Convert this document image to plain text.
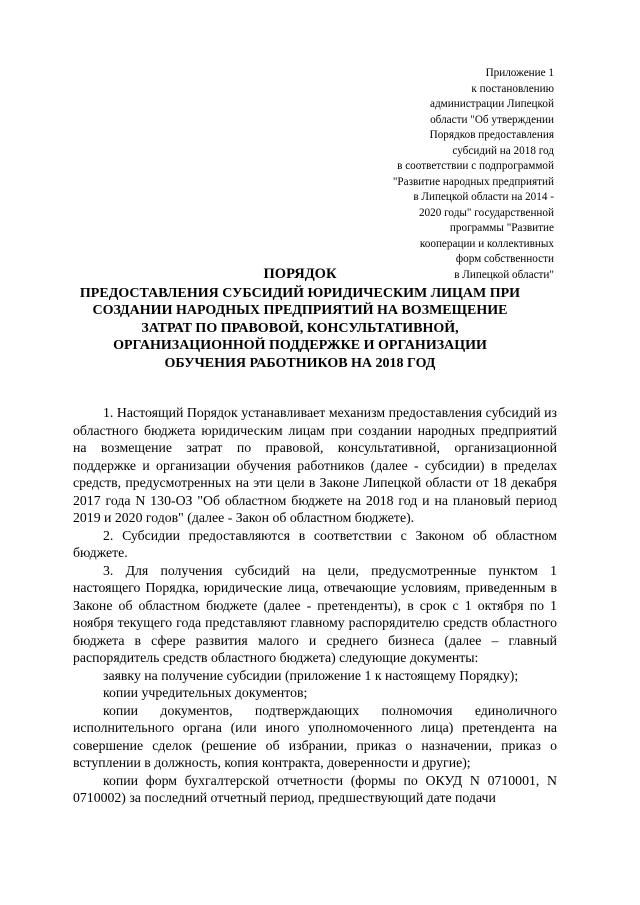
Приложение 1
к постановлению
администрации Липецкой
области "Об утверждении
Порядков предоставления
субсидий на 2018 год
в соответствии с подпрограммой
"Развитие народных предприятий
в Липецкой области на 2014 -
2020 годы" государственной
программы "Развитие
кооперации и коллективных
форм собственности
в Липецкой области"
ПОРЯДОК
ПРЕДОСТАВЛЕНИЯ СУБСИДИЙ ЮРИДИЧЕСКИМ ЛИЦАМ ПРИ
СОЗДАНИИ НАРОДНЫХ ПРЕДПРИЯТИЙ НА ВОЗМЕЩЕНИЕ
ЗАТРАТ ПО ПРАВОВОЙ, КОНСУЛЬТАТИВНОЙ,
ОРГАНИЗАЦИОННОЙ ПОДДЕРЖКЕ И ОРГАНИЗАЦИИ
ОБУЧЕНИЯ РАБОТНИКОВ НА 2018 ГОД

1. Настоящий Порядок устанавливает механизм предоставления субсидий из областного бюджета юридическим лицам при создании народных предприятий на возмещение затрат по правовой, консультативной, организационной поддержке и организации обучения работников (далее - субсидии) в пределах средств, предусмотренных на эти цели в Законе Липецкой области от 18 декабря 2017 года N 130-ОЗ "Об областном бюджете на 2018 год и на плановый период 2019 и 2020 годов" (далее - Закон об областном бюджете).

2. Субсидии предоставляются в соответствии с Законом об областном бюджете.

3. Для получения субсидий на цели, предусмотренные пунктом 1 настоящего Порядка, юридические лица, отвечающие условиям, приведенным в Законе об областном бюджете (далее - претенденты), в срок с 1 октября по 1 ноября текущего года представляют главному распорядителю средств областного бюджета в сфере развития малого и среднего бизнеса (далее – главный распорядитель средств областного бюджета) следующие документы:

заявку на получение субсидии (приложение 1 к настоящему Порядку);

копии учредительных документов;

копии документов, подтверждающих полномочия единоличного исполнительного органа (или иного уполномоченного лица) претендента на совершение сделок (решение об избрании, приказ о назначении, приказ о вступлении в должность, копия контракта, доверенности и другие);

копии форм бухгалтерской отчетности (формы по ОКУД N 0710001, N 0710002) за последний отчетный период, предшествующий дате подачи
